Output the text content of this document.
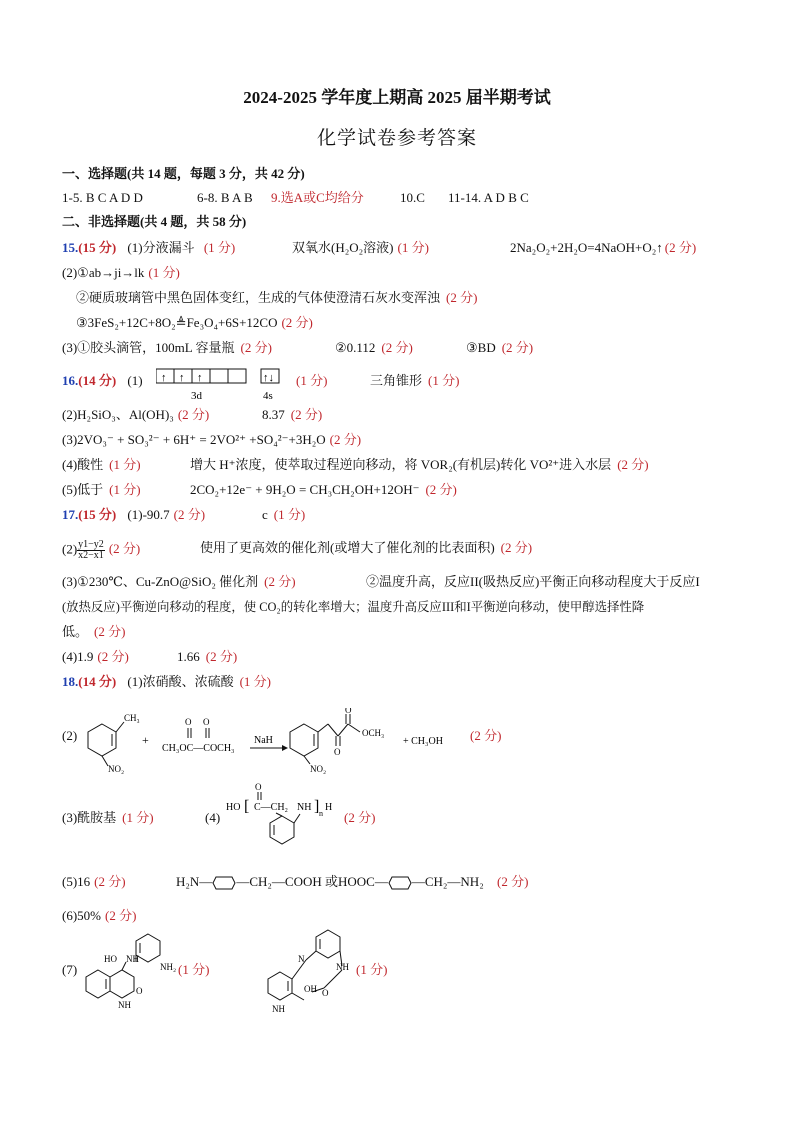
2024-2025 学年度上期高 2025 届半期考试
化学试卷参考答案
一、选择题(共 14 题，每题 3 分，共 42 分)
1-5. B C A D D	6-8. B A B 9.选A或C均给分	10.C 11-14. A D B C
二、非选择题(共 4 题，共 58 分)
15.(15 分) (1)分液漏斗 (1 分)	双氧水(H₂O₂溶液) (1 分)	2Na₂O₂+2H₂O=4NaOH+O₂↑ (2 分)
(2)①ab→ji→lk (1 分)
②硬质玻璃管中黑色固体变红，生成的气体使澄清石灰水变浑浊 (2 分)
③3FeS₂+12C+8O₂≜Fe₃O₄+6S+12CO (2 分)
(3)①胶头滴管，100mL 容量瓶 (2 分)	②0.112 (2 分)	③BD (2 分)
16.(14 分) (1) ↑ ↑ ↑
3d
↑↓
4s
(1 分)	三角锥形 (1 分)
(2)H₂SiO₃、Al(OH)₃ (2 分)	8.37 (2 分)
(3)2VO₃⁻ + SO₃²⁻ + 6H⁺ = 2VO²⁺ +SO₄²⁻+3H₂O (2 分)
(4)酸性 (1 分)	增大 H⁺浓度，使萃取过程逆向移动，将 VOR₂(有机层)转化 VO²⁺进入水层 (2 分)
(5)低于 (1 分)	2CO₂+12e⁻ + 9H₂O = CH₃CH₂OH+12OH⁻ (2 分)
17.(15 分) (1)-90.7 (2 分)	c (1 分)
$(2) \frac{y1-y2}{x2-x1} (2$ 分)	使用了更高效的催化剂(或增大了催化剂的比表面积) (2 分)
(3)①230℃、Cu-ZnO@SiO₂ 催化剂 (2 分)	②温度升高，反应II(吸热反应)平衡正向移动程度大于反应I
(放热反应)平衡逆向移动的程度，使 CO₂的转化率增大；温度升高反应III和I平衡逆向移动，使甲醇选择性降
低。 (2 分)
(4)1.9 (2 分)	1.66 (2 分)
18.(14 分) (1)浓硝酸、浓硫酸 (1 分)
(2)
CH₃
NO₂
+
O O
CH₃OC—COCH₃
NaH
O
O
OCH₃
NO₂
+ CH₃OH (2 分)
(3)酰胺基 (1 分)	(4)
HO [
O
C—CH₂ NH ] n
H
(2 分)
(5)16 (2 分)	H₂N— —CH₂—COOH 或HOOC— —CH₂—NH₂ (2 分)
(6)50% (2 分)
(7)
HO NH
NH₂
O
NH
(1 分)
N
NH
OH O
NH
(1 分)
